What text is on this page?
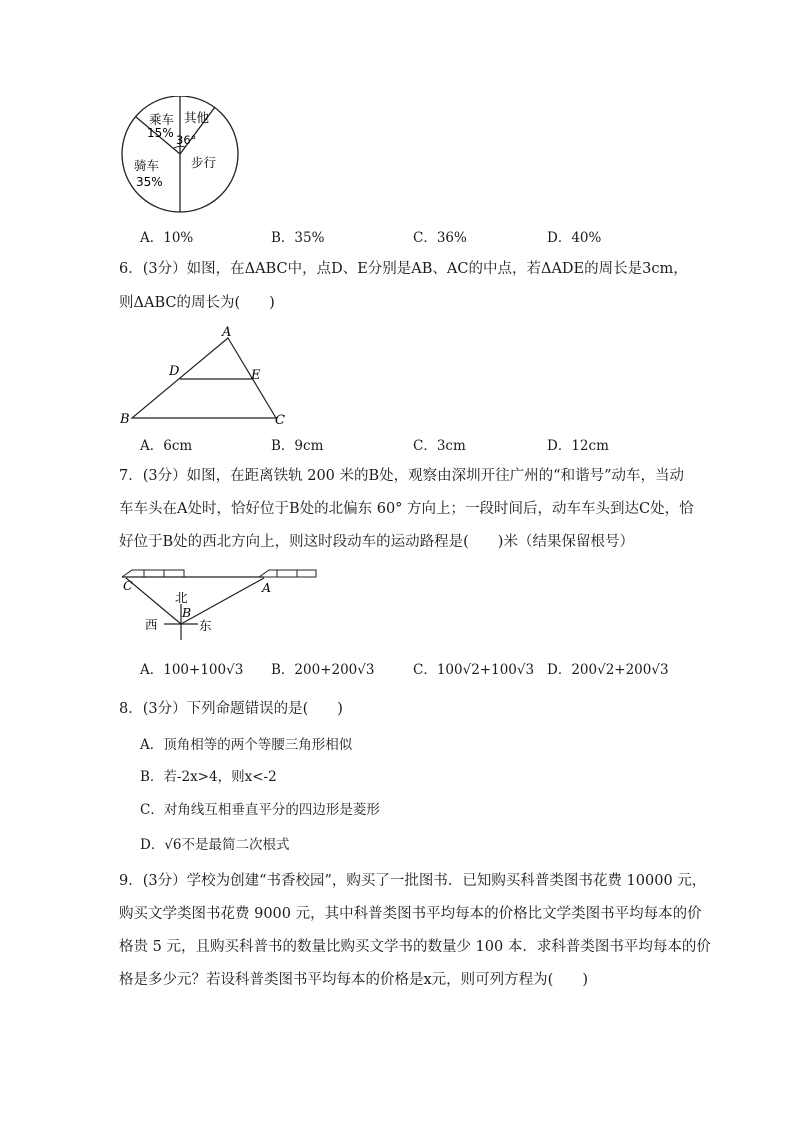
乘车
15%
其他
36°
骑车
35%
步行
A．10%	B．35%	C．36%	D．40%
6．(3分）如图，在ΔABC中，点D、E分别是AB、AC的中点，若ΔADE的周长是3cm，
则ΔABC的周长为(　　)
A
B	C
D	E
A．6cm	B．9cm	C．3cm	D．12cm
7．(3分）如图，在距离铁轨 200 米的B处，观察由深圳开往广州的“和谐号”动车，当动
车车头在A处时，恰好位于B处的北偏东 60° 方向上；一段时间后，动车车头到达C处，恰
好位于B处的西北方向上，则这时段动车的运动路程是(　　)米（结果保留根号）
C	A
北
B
西	东
A．100+100√3 B．200+200√3	C．100√2+100√3 D．200√2+200√3
8．(3分）下列命题错误的是(　　)
A．顶角相等的两个等腰三角形相似
B．若-2x>4，则x<-2
C．对角线互相垂直平分的四边形是菱形
D．√6不是最简二次根式
9．(3分）学校为创建“书香校园”，购买了一批图书．已知购买科普类图书花费 10000 元，
购买文学类图书花费 9000 元，其中科普类图书平均每本的价格比文学类图书平均每本的价
格贵 5 元，且购买科普书的数量比购买文学书的数量少 100 本．求科普类图书平均每本的价
格是多少元？若设科普类图书平均每本的价格是x元，则可列方程为(　　)
